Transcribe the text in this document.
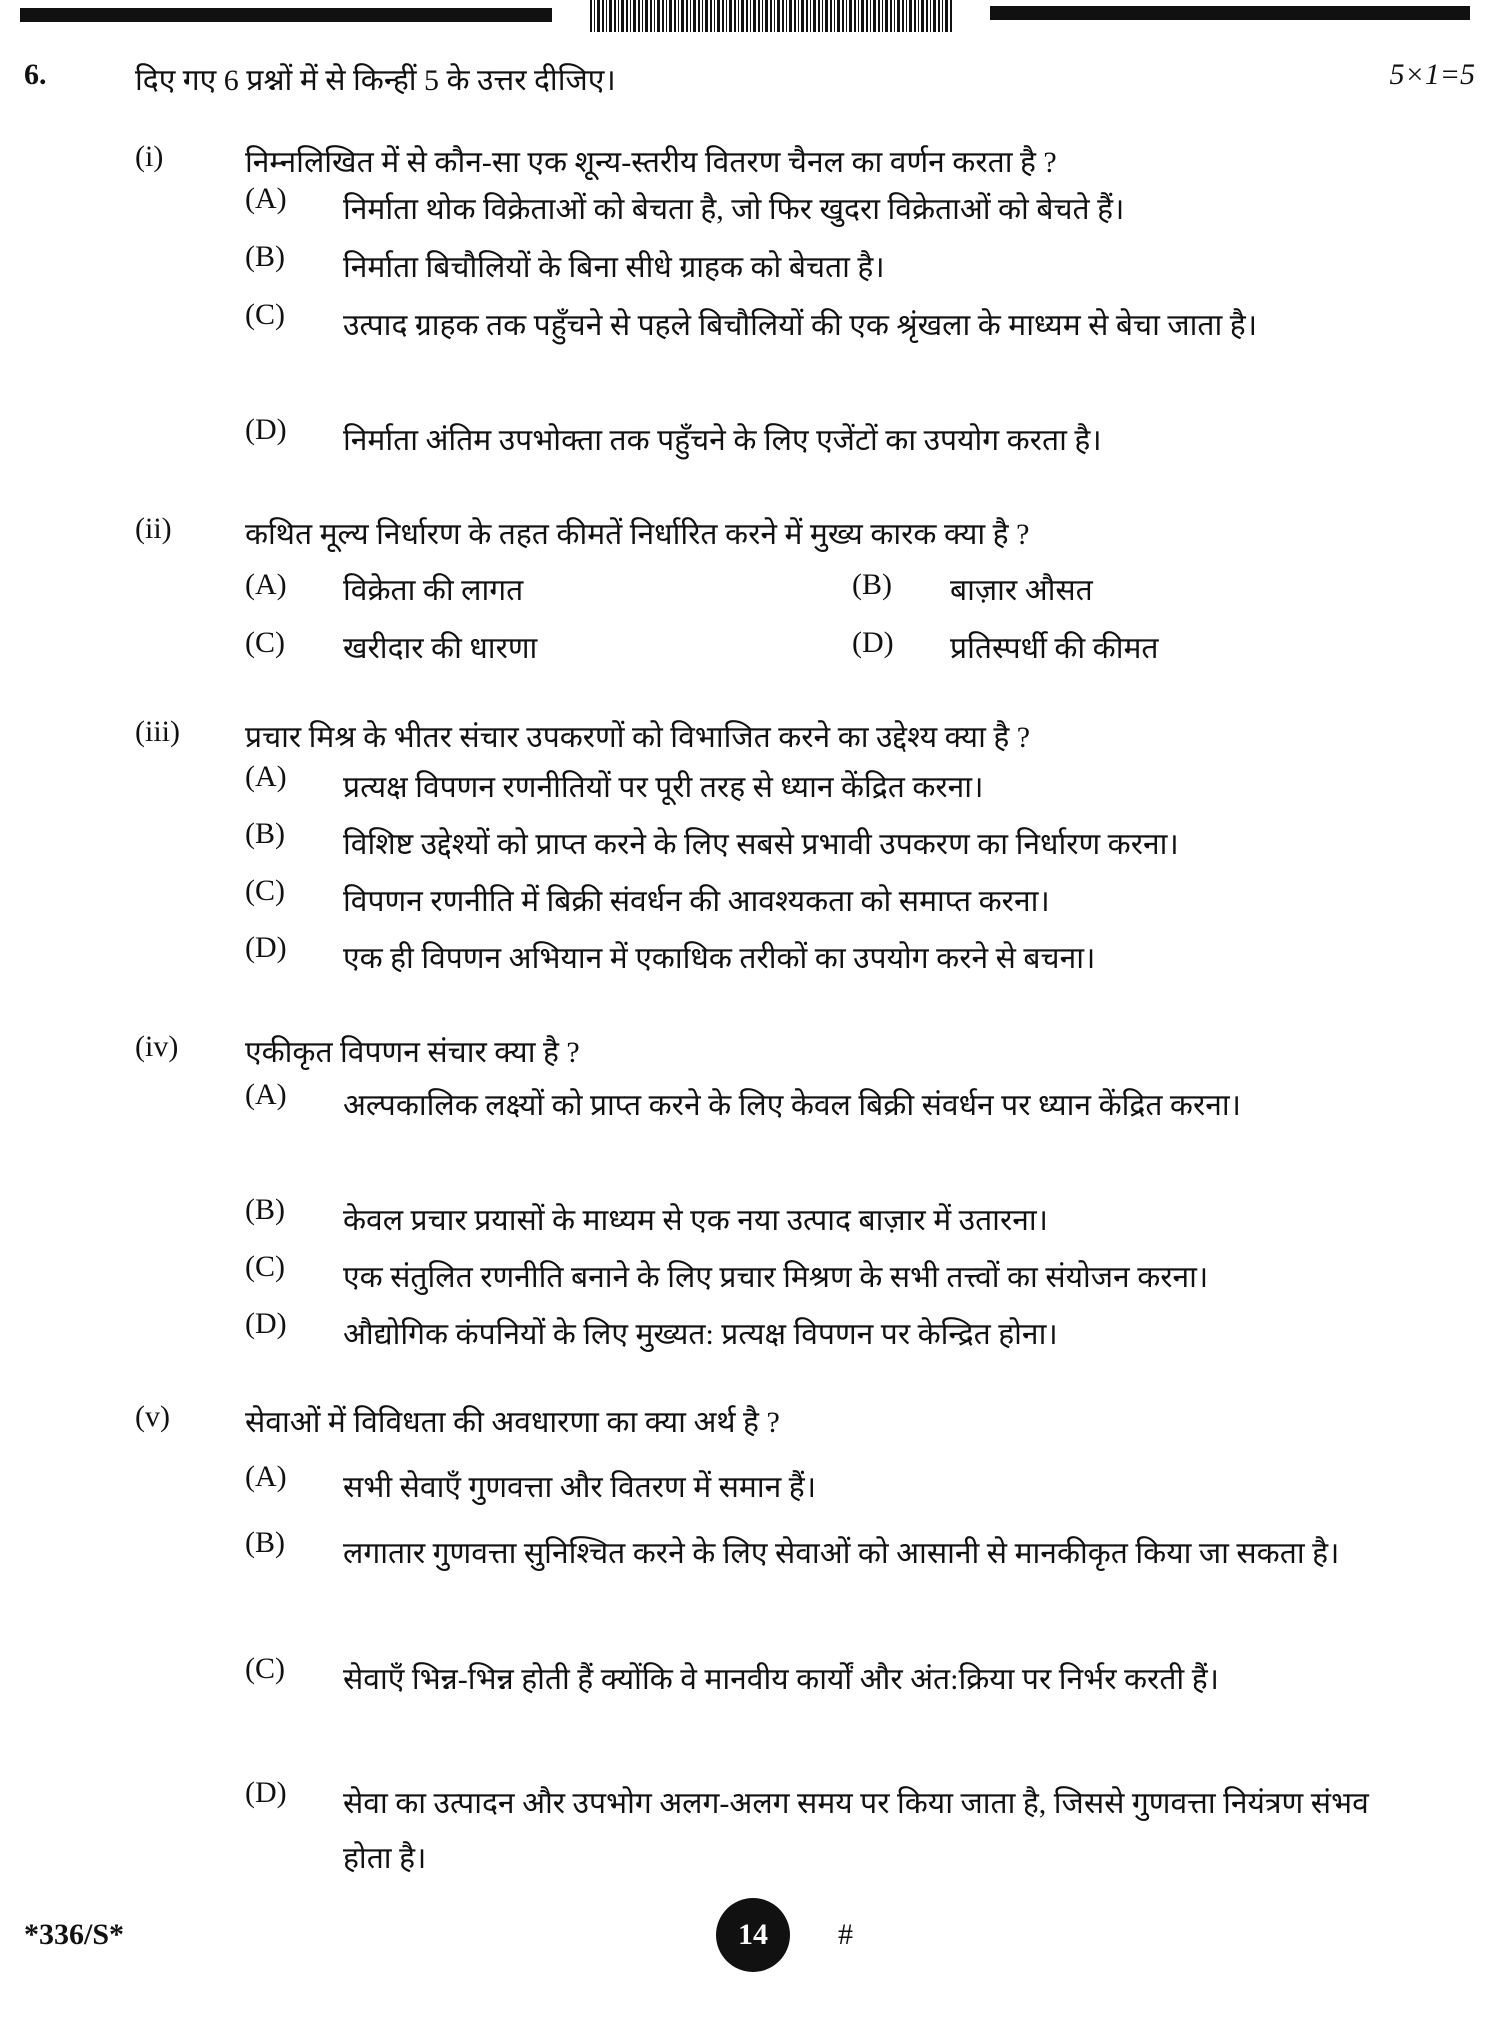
6.	दिए गए 6 प्रश्नों में से किन्हीं 5 के उत्तर दीजिए।	5×1=5
(i)	निम्नलिखित में से कौन-सा एक शून्य-स्तरीय वितरण चैनल का वर्णन करता है ?
(A)	निर्माता थोक विक्रेताओं को बेचता है, जो फिर खुदरा विक्रेताओं को बेचते हैं।
(B)	निर्माता बिचौलियों के बिना सीधे ग्राहक को बेचता है।
(C)	उत्पाद ग्राहक तक पहुँचने से पहले बिचौलियों की एक श्रृंखला के माध्यम से बेचा जाता है।
(D)	निर्माता अंतिम उपभोक्ता तक पहुँचने के लिए एजेंटों का उपयोग करता है।
(ii) कथित मूल्य निर्धारण के तहत कीमतें निर्धारित करने में मुख्य कारक क्या है ?
(A)	विक्रेता की लागत	(B)	बाज़ार औसत
(C)	खरीदार की धारणा	(D)	प्रतिस्पर्धी की कीमत
(iii) प्रचार मिश्र के भीतर संचार उपकरणों को विभाजित करने का उद्देश्य क्या है ?
(A)	प्रत्यक्ष विपणन रणनीतियों पर पूरी तरह से ध्यान केंद्रित करना।
(B)	विशिष्ट उद्देश्यों को प्राप्त करने के लिए सबसे प्रभावी उपकरण का निर्धारण करना।
(C)	विपणन रणनीति में बिक्री संवर्धन की आवश्यकता को समाप्त करना।
(D)	एक ही विपणन अभियान में एकाधिक तरीकों का उपयोग करने से बचना।
(iv) एकीकृत विपणन संचार क्या है ?
(A)	अल्पकालिक लक्ष्यों को प्राप्त करने के लिए केवल बिक्री संवर्धन पर ध्यान केंद्रित करना।
(B)	केवल प्रचार प्रयासों के माध्यम से एक नया उत्पाद बाज़ार में उतारना।
(C)	एक संतुलित रणनीति बनाने के लिए प्रचार मिश्रण के सभी तत्त्वों का संयोजन करना।
(D)	औद्योगिक कंपनियों के लिए मुख्यत: प्रत्यक्ष विपणन पर केन्द्रित होना।
(v)	सेवाओं में विविधता की अवधारणा का क्या अर्थ है ?
(A)	सभी सेवाएँ गुणवत्ता और वितरण में समान हैं।
(B)	लगातार गुणवत्ता सुनिश्चित करने के लिए सेवाओं को आसानी से मानकीकृत किया जा सकता है।
(C)	सेवाएँ भिन्न-भिन्न होती हैं क्योंकि वे मानवीय कार्यों और अंत:क्रिया पर निर्भर करती हैं।
(D)	सेवा का उत्पादन और उपभोग अलग-अलग समय पर किया जाता है, जिससे गुणवत्ता नियंत्रण संभव होता है।
*336/S*	14 #
